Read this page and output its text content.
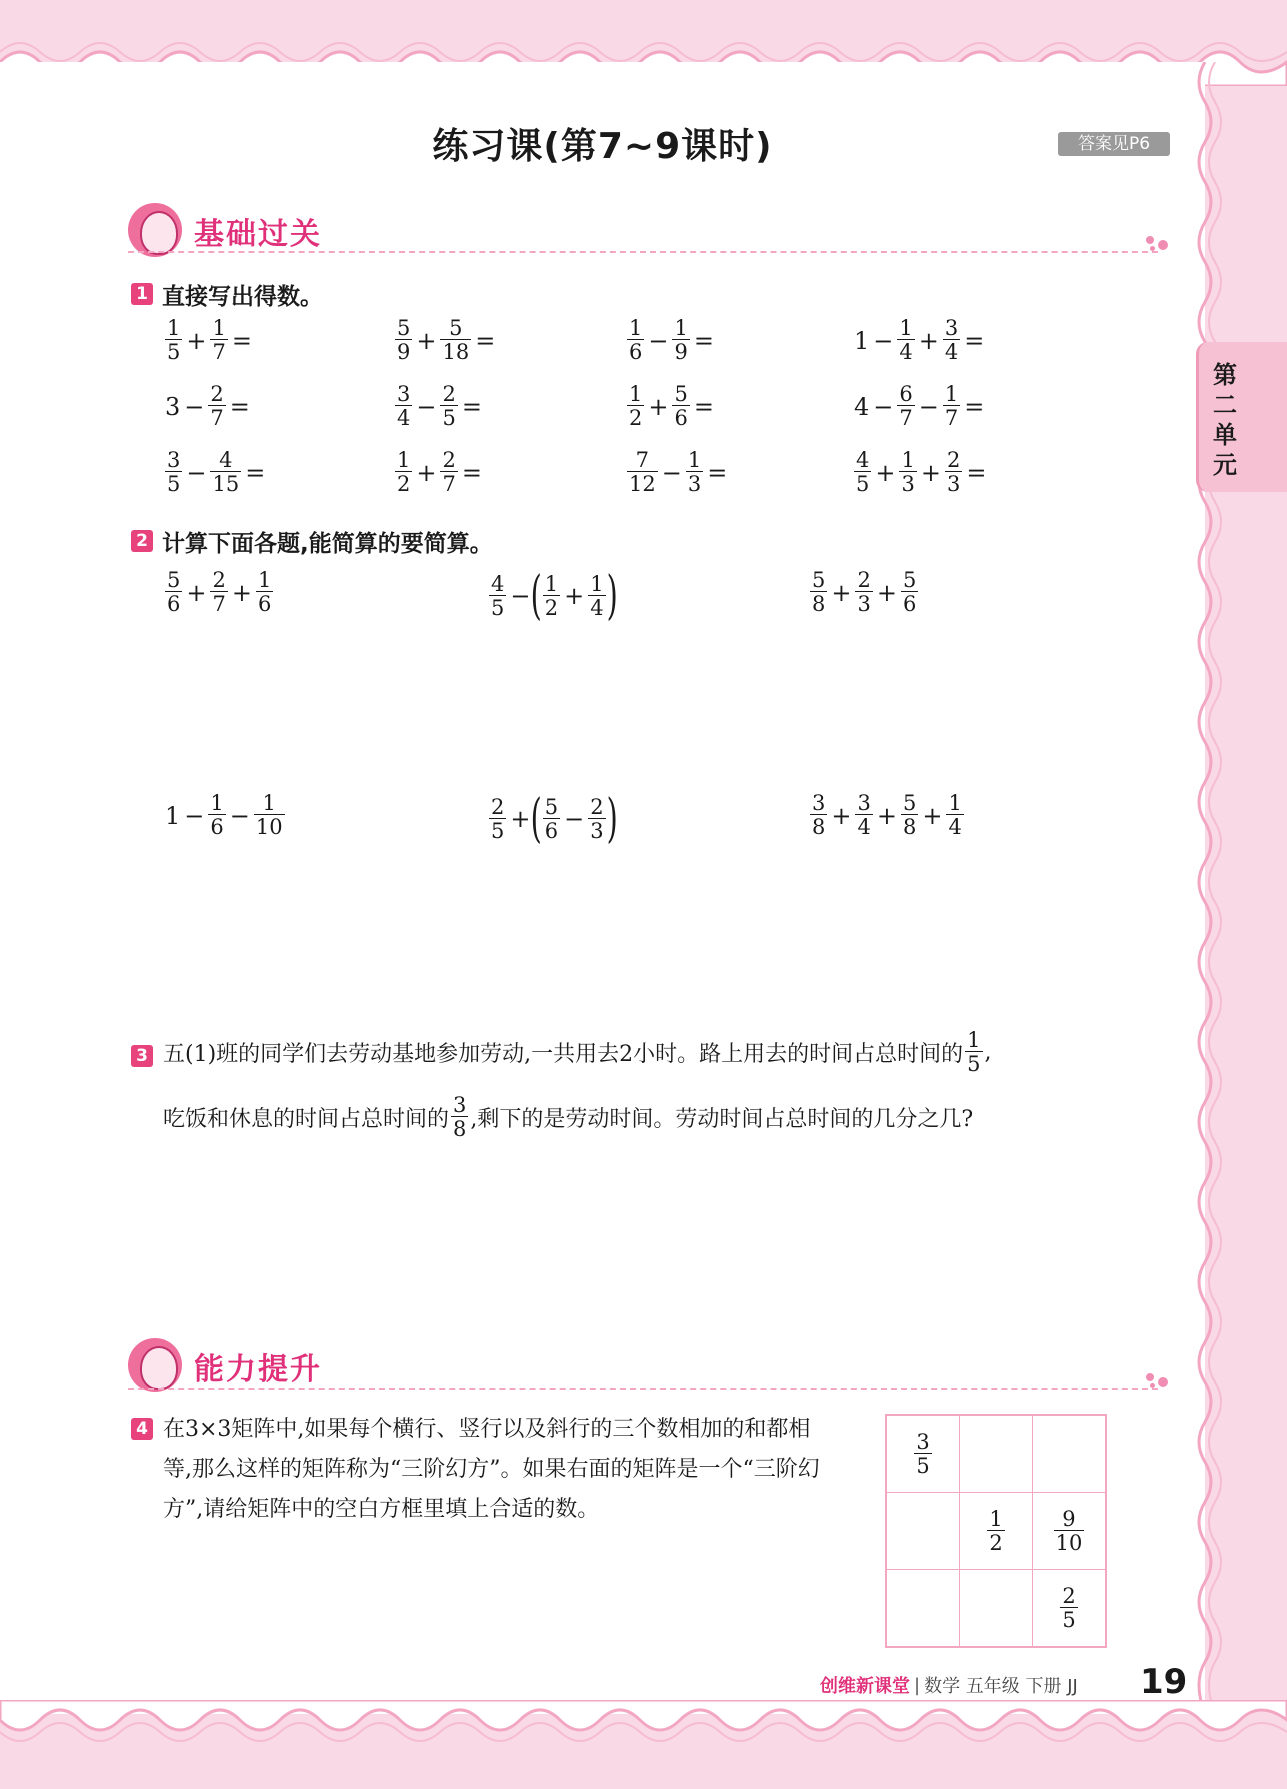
第二单元
练习课(第7~9课时)	答案见P6
基础过关
1 直接写出得数。
$\frac{1}{5} + \frac{1}{7}$ =	$\frac{5}{9} + \frac{5}{18}$ =	$\frac{1}{6} - \frac{1}{9}$ =	$1 - \frac{1}{4} + \frac{3}{4}$ =
$3 - \frac{2}{7}$ =	$\frac{3}{4} - \frac{2}{5}$ =	$\frac{1}{2} + \frac{5}{6}$ =	$4 - \frac{6}{7} - \frac{1}{7}$ =
$\frac{3}{5} - \frac{4}{15}$ =	$\frac{1}{2} + \frac{2}{7}$ =	$\frac{7}{12} - \frac{1}{3}$ =	$\frac{4}{5} + \frac{1}{3} + \frac{2}{3}$ =
2 计算下面各题,能简算的要简算。
$\frac{5}{6} + \frac{2}{7} + \frac{1}{6}$	$\frac{4}{5}$ − ( $\frac{1}{2} + \frac{1}{4}$ )	$\frac{5}{8} + \frac{2}{3} + \frac{5}{6}$
$1 - \frac{1}{6} - \frac{1}{10}$	$\frac{2}{5}$ + ( $\frac{5}{6} - \frac{2}{3}$ )	$\frac{3}{8} + \frac{3}{4} + \frac{5}{8} + \frac{1}{4}$
3 五(1)班的同学们去劳动基地参加劳动,一共用去2小时。路上用去的时间占总时间的 $\frac{1}{5}$ ,
吃饭和休息的时间占总时间的 $\frac{3}{8}$ ,剩下的是劳动时间。劳动时间占总时间的几分之几?
能力提升
4 在3×3矩阵中,如果每个横行、竖行以及斜行的三个数相加的和都相等,那么这样的矩阵称为“三阶幻方”。如果右面的矩阵是一个“三阶幻方”,请给矩阵中的空白方框里填上合适的数。
$\frac{3}{5}$

	$\frac{1}{2}$	$\frac{9}{10}$

		$\frac{2}{5}$
创维新课堂 | 数学 五年级 下册 JJ 19
